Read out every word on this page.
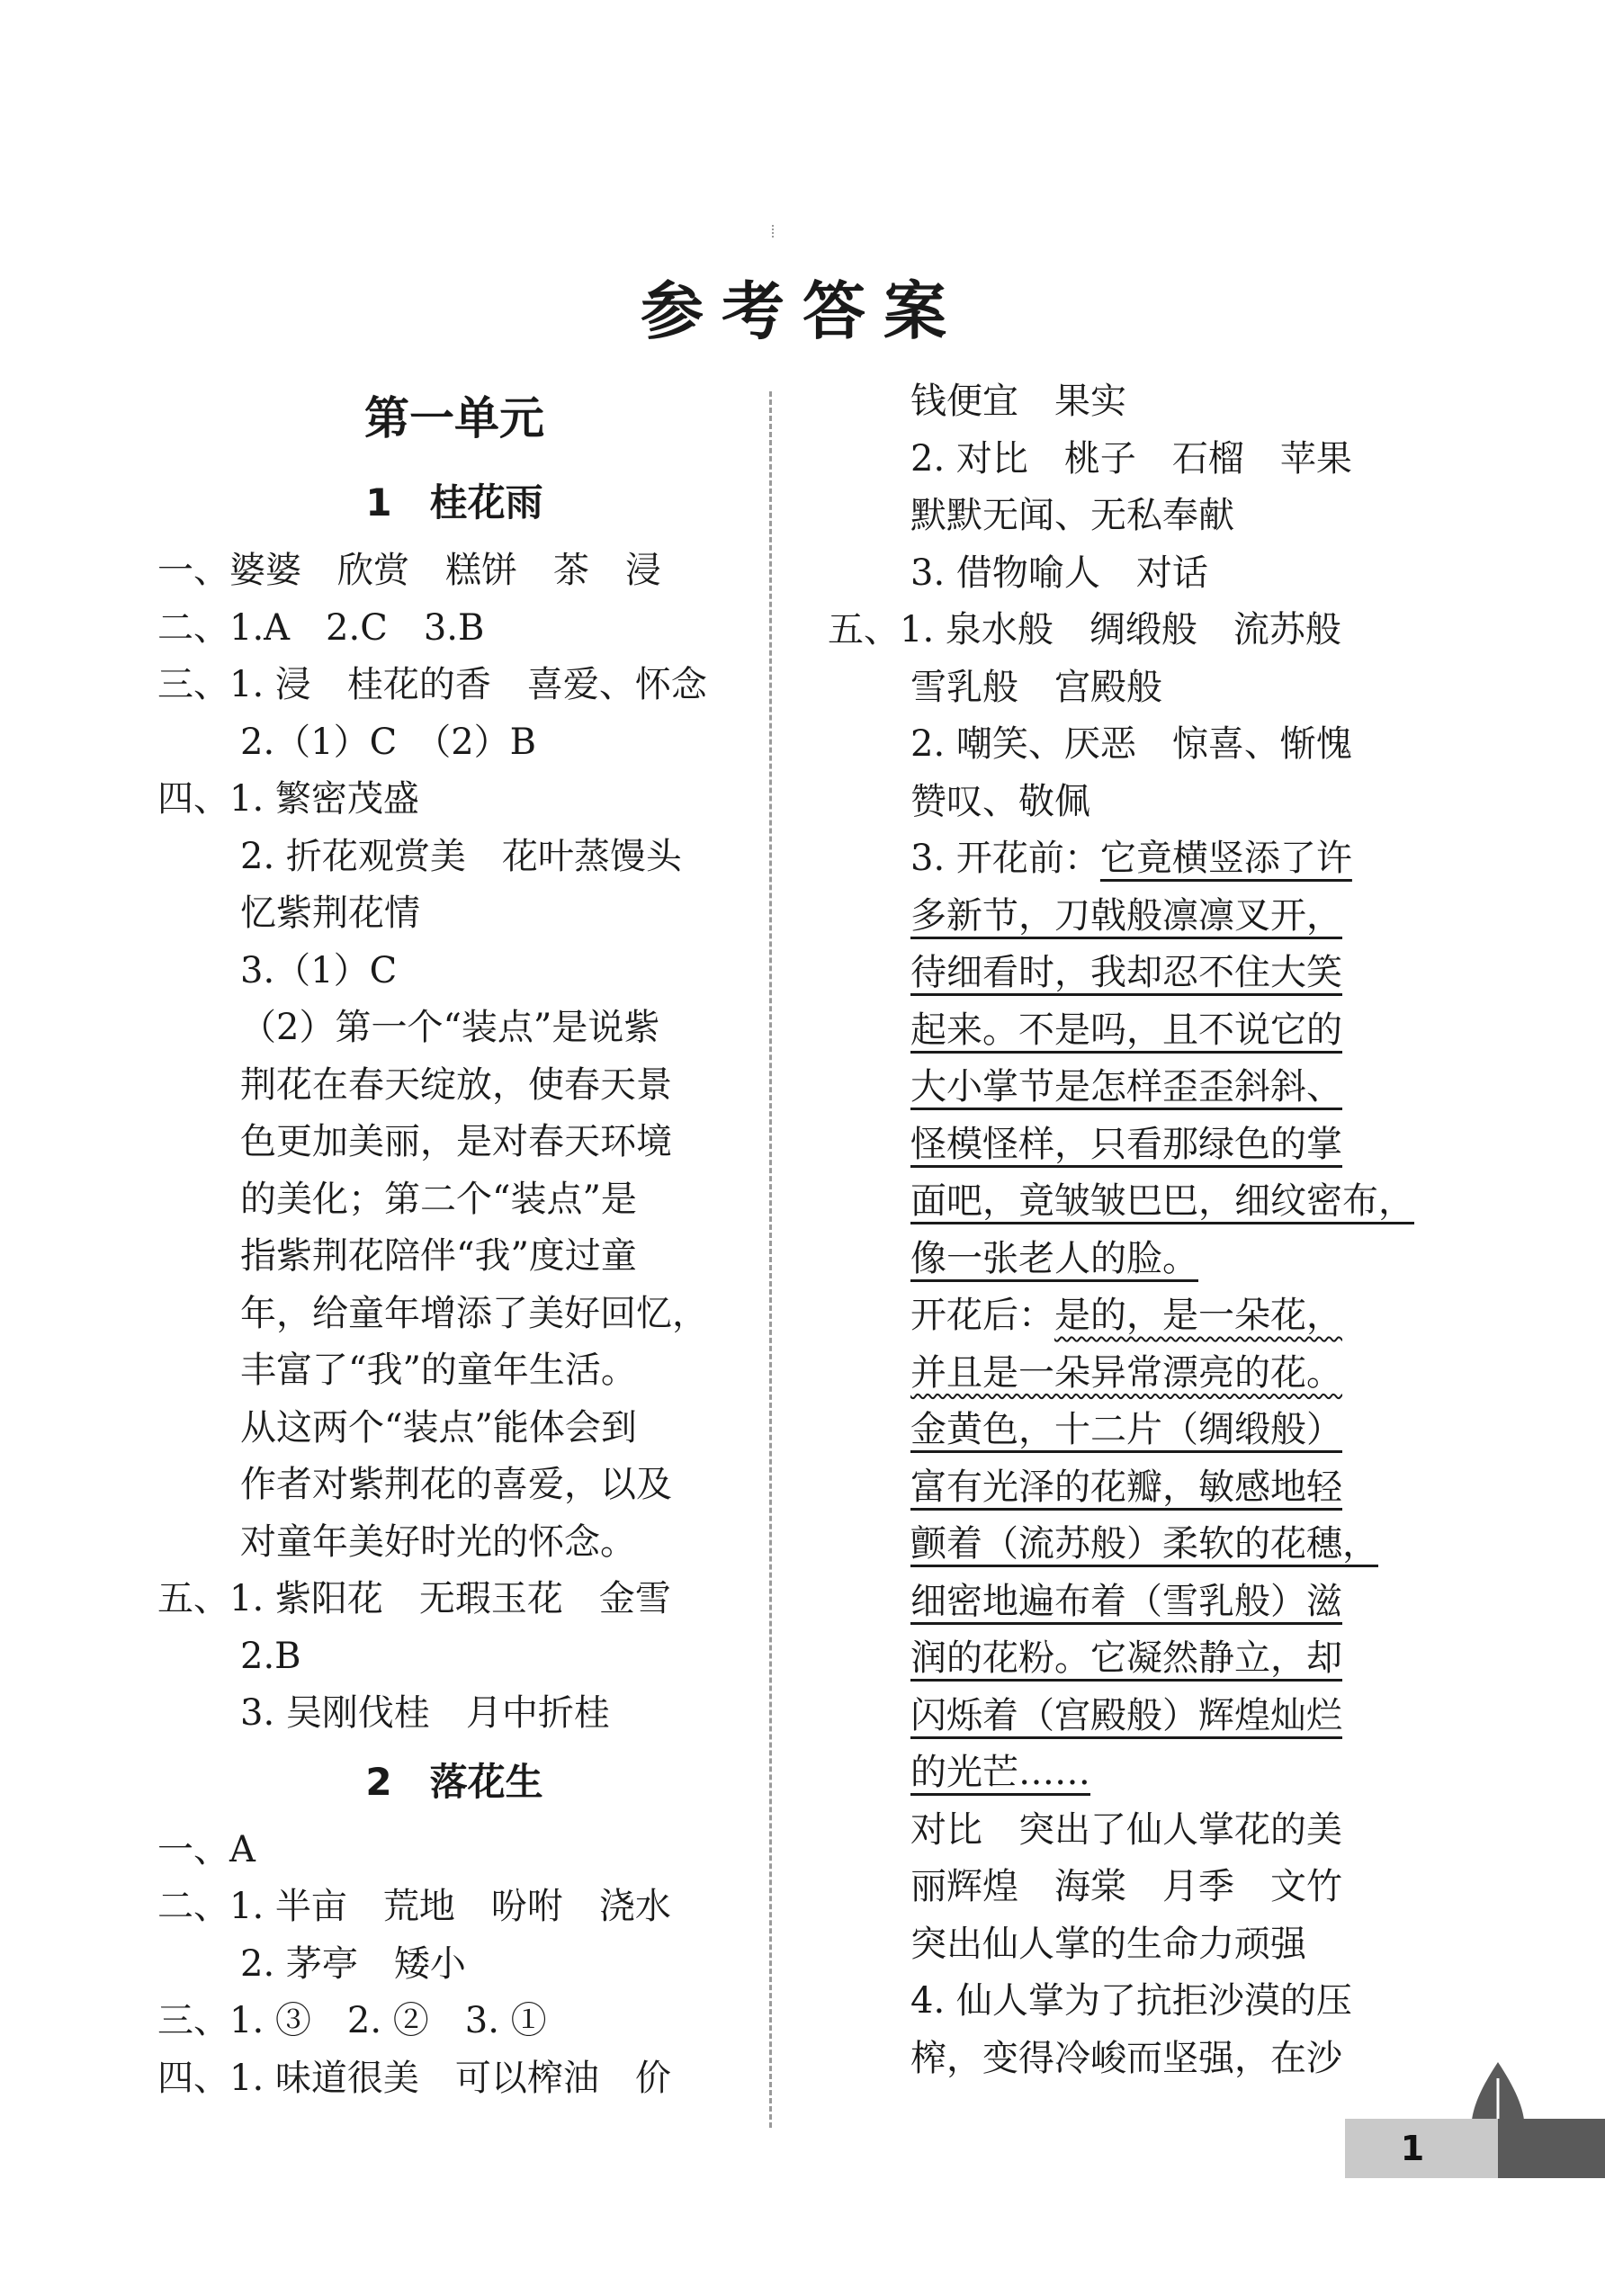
参考答案
第一单元
1　桂花雨
一、婆婆　欣赏　糕饼　茶　浸
二、1.A　2.C　3.B
三、1. 浸　桂花的香　喜爱、怀念
2.（1）C　（2）B
四、1. 繁密茂盛
2. 折花观赏美　花叶蒸馒头
忆紫荆花情
3.（1）C
（2）第一个“装点”是说紫
荆花在春天绽放，使春天景
色更加美丽，是对春天环境
的美化；第二个“装点”是
指紫荆花陪伴“我”度过童
年，给童年增添了美好回忆，
丰富了“我”的童年生活。
从这两个“装点”能体会到
作者对紫荆花的喜爱，以及
对童年美好时光的怀念。
五、1. 紫阳花　无瑕玉花　金雪
2.B
3. 吴刚伐桂　月中折桂
2　落花生
一、A
二、1. 半亩　荒地　吩咐　浇水
2. 茅亭　矮小
三、1. ③　2. ②　3. ①
四、1. 味道很美　可以榨油　价
钱便宜　果实
2. 对比　桃子　石榴　苹果
默默无闻、无私奉献
3. 借物喻人　对话
五、1. 泉水般　绸缎般　流苏般
雪乳般　宫殿般
2. 嘲笑、厌恶　惊喜、惭愧
赞叹、敬佩
3. 开花前：它竟横竖添了许
多新节，刀戟般凛凛叉开，
待细看时，我却忍不住大笑
起来。不是吗，且不说它的
大小掌节是怎样歪歪斜斜、
怪模怪样，只看那绿色的掌
面吧，竟皱皱巴巴，细纹密布，
像一张老人的脸。
开花后：是的，是一朵花，
并且是一朵异常漂亮的花。
金黄色，十二片（绸缎般）
富有光泽的花瓣，敏感地轻
颤着（流苏般）柔软的花穗，
细密地遍布着（雪乳般）滋
润的花粉。它凝然静立，却
闪烁着（宫殿般）辉煌灿烂
的光芒……
对比　突出了仙人掌花的美
丽辉煌　海棠　月季　文竹
突出仙人掌的生命力顽强
4. 仙人掌为了抗拒沙漠的压
榨，变得冷峻而坚强，在沙
1
